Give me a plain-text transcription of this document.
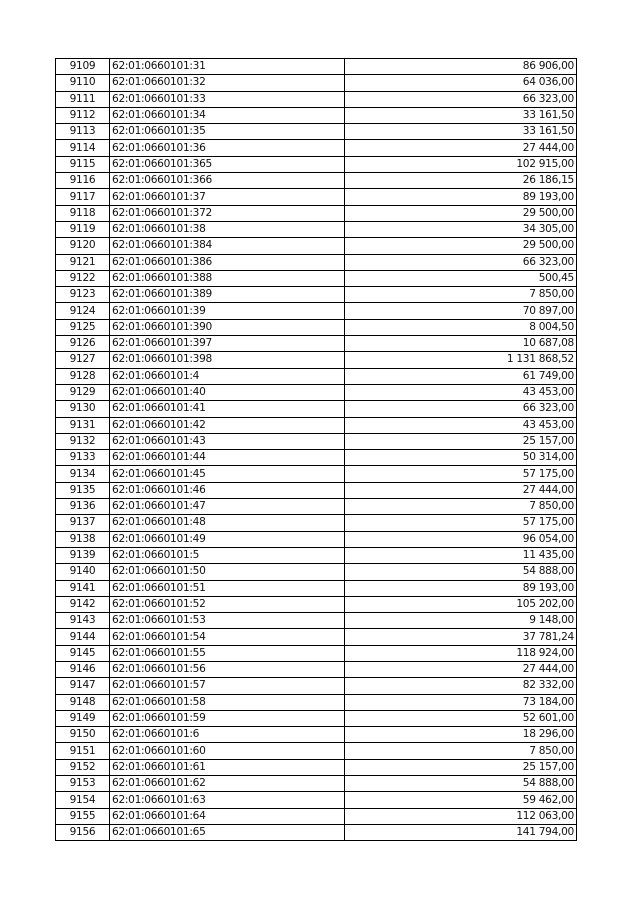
9109	62:01:0660101:31	86 906,00
9110	62:01:0660101:32	64 036,00
9111	62:01:0660101:33	66 323,00
9112	62:01:0660101:34	33 161,50
9113	62:01:0660101:35	33 161,50
9114	62:01:0660101:36	27 444,00
9115	62:01:0660101:365	102 915,00
9116	62:01:0660101:366	26 186,15
9117	62:01:0660101:37	89 193,00
9118	62:01:0660101:372	29 500,00
9119	62:01:0660101:38	34 305,00
9120	62:01:0660101:384	29 500,00
9121	62:01:0660101:386	66 323,00
9122	62:01:0660101:388	500,45
9123	62:01:0660101:389	7 850,00
9124	62:01:0660101:39	70 897,00
9125	62:01:0660101:390	8 004,50
9126	62:01:0660101:397	10 687,08
9127	62:01:0660101:398	1 131 868,52
9128	62:01:0660101:4	61 749,00
9129	62:01:0660101:40	43 453,00
9130	62:01:0660101:41	66 323,00
9131	62:01:0660101:42	43 453,00
9132	62:01:0660101:43	25 157,00
9133	62:01:0660101:44	50 314,00
9134	62:01:0660101:45	57 175,00
9135	62:01:0660101:46	27 444,00
9136	62:01:0660101:47	7 850,00
9137	62:01:0660101:48	57 175,00
9138	62:01:0660101:49	96 054,00
9139	62:01:0660101:5	11 435,00
9140	62:01:0660101:50	54 888,00
9141	62:01:0660101:51	89 193,00
9142	62:01:0660101:52	105 202,00
9143	62:01:0660101:53	9 148,00
9144	62:01:0660101:54	37 781,24
9145	62:01:0660101:55	118 924,00
9146	62:01:0660101:56	27 444,00
9147	62:01:0660101:57	82 332,00
9148	62:01:0660101:58	73 184,00
9149	62:01:0660101:59	52 601,00
9150	62:01:0660101:6	18 296,00
9151	62:01:0660101:60	7 850,00
9152	62:01:0660101:61	25 157,00
9153	62:01:0660101:62	54 888,00
9154	62:01:0660101:63	59 462,00
9155	62:01:0660101:64	112 063,00
9156	62:01:0660101:65	141 794,00
